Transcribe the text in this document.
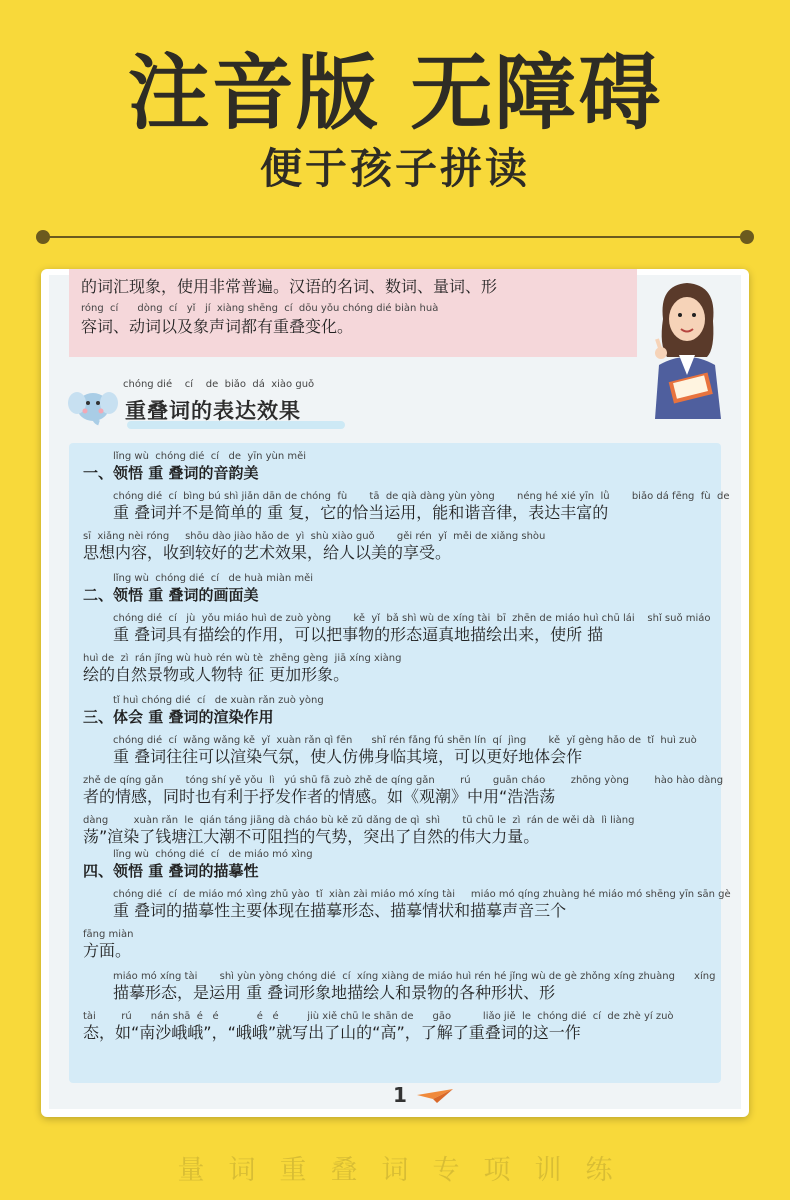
注音版 无障碍
便于孩子拼读
的词汇现象，使用非常普遍。汉语的名词、数词、量词、形
róng  cí      dòng  cí   yǐ   jí  xiàng shēng  cí  dōu yǒu chóng dié biàn huà
容词、动词以及象声词都有重叠变化。
chóng dié    cí    de  biǎo  dá  xiào guǒ
重叠词的表达效果
lǐng wù  chóng dié  cí   de  yīn yùn měi
一、领悟 重 叠词的音韵美
chóng dié  cí  bìng bú shì jiǎn dān de chóng  fù       tā  de qià dàng yùn yòng       néng hé xié yīn  lǜ       biǎo dá fēng  fù  de
重 叠词并不是简单的 重 复，它的恰当运用，能和谐音律，表达丰富的
sī  xiǎng nèi róng     shōu dào jiào hǎo de  yì  shù xiào guǒ       gěi rén  yǐ  měi de xiǎng shòu
思想内容，收到较好的艺术效果，给人以美的享受。
lǐng wù  chóng dié  cí   de huà miàn měi
二、领悟 重 叠词的画面美
chóng dié  cí   jù  yǒu miáo huì de zuò yòng       kě  yǐ  bǎ shì wù de xíng tài  bī  zhēn de miáo huì chū lái    shǐ suǒ miáo
重 叠词具有描绘的作用，可以把事物的形态逼真地描绘出来，使所 描
huì de  zì  rán jǐng wù huò rén wù tè  zhēng gèng  jiā xíng xiàng
绘的自然景物或人物特 征 更加形象。
tǐ huì chóng dié  cí   de xuàn rǎn zuò yòng
三、体会 重 叠词的渲染作用
chóng dié  cí  wǎng wǎng kě  yǐ  xuàn rǎn qì fēn      shǐ rén fǎng fú shēn lín  qí  jìng       kě  yǐ gèng hǎo de  tǐ  huì zuò
重 叠词往往可以渲染气氛，使人仿佛身临其境，可以更好地体会作
zhě de qíng gǎn       tóng shí yě yǒu  lì   yú shū fā zuò zhě de qíng gǎn        rú       guān cháo        zhōng yòng        hào hào dàng
者的情感，同时也有利于抒发作者的情感。如《观潮》中用“浩浩荡
dàng        xuàn rǎn  le  qián táng jiāng dà cháo bù kě zǔ dǎng de qì  shì       tū chū le  zì  rán de wěi dà  lì liàng
荡”渲染了钱塘江大潮不可阻挡的气势，突出了自然的伟大力量。
四、领悟 重 叠词的描摹性
lǐng wù  chóng dié  cí   de miáo mó xìng
chóng dié  cí  de miáo mó xìng zhǔ yào  tǐ  xiàn zài miáo mó xíng tài     miáo mó qíng zhuàng hé miáo mó shēng yīn sān gè
重 叠词的描摹性主要体现在描摹形态、描摹情状和描摹声音三个
fāng miàn
方面。
miáo mó xíng tài       shì yùn yòng chóng dié  cí  xíng xiàng de miáo huì rén hé jǐng wù de gè zhǒng xíng zhuàng      xíng
描摹形态，是运用 重 叠词形象地描绘人和景物的各种形状、形
tài        rú      nán shā  é   é            é   é         jiù xiě chū le shān de      gāo          liǎo jiě  le  chóng dié  cí  de zhè yí zuò
态，如“南沙峨峨”，“峨峨”就写出了山的“高”，了解了重叠词的这一作
1
量词重叠词专项训练
